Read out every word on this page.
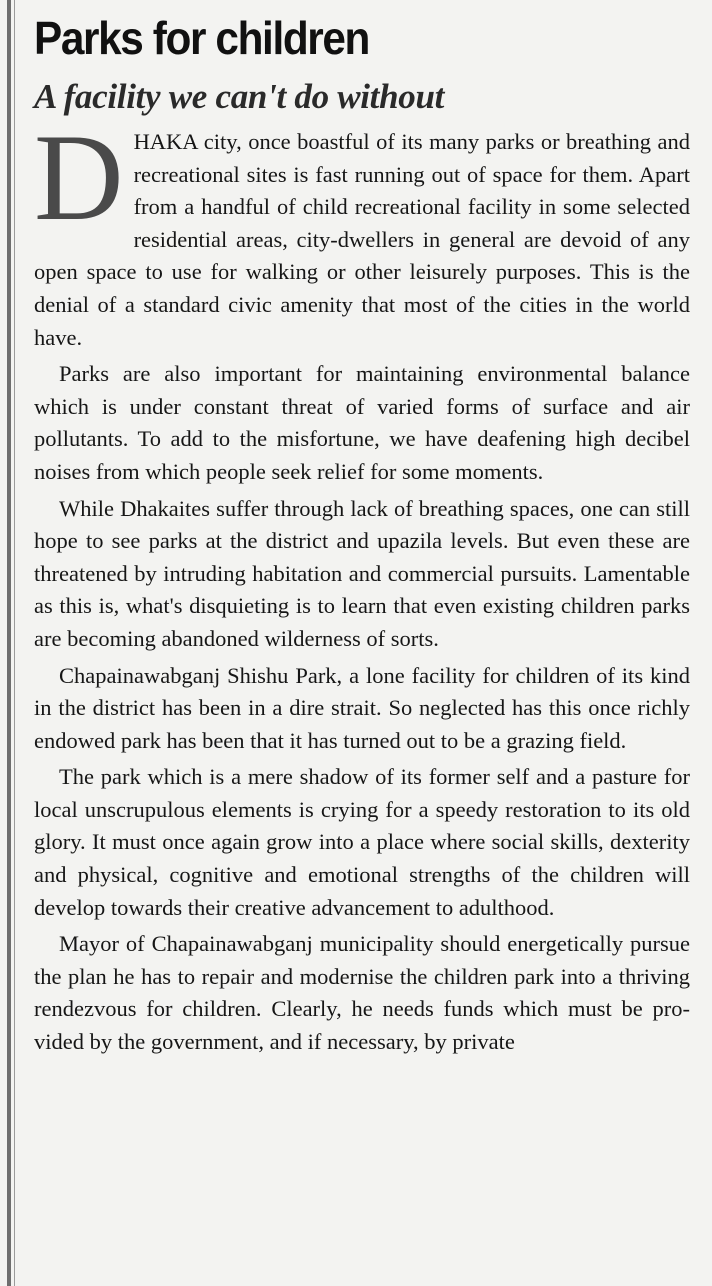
Parks for children
A facility we can't do without

DHAKA city, once boastful of its many parks or breathing and recreational sites is fast running out of space for them. Apart from a handful of child recreational facility in some selected residential areas, city-dwellers in general are devoid of any open space to use for walking or other leisurely purposes. This is the denial of a standard civic amenity that most of the cities in the world have.

Parks are also important for maintaining environmental balance which is under constant threat of varied forms of surface and air pollutants. To add to the misfortune, we have deafening high decibel noises from which people seek relief for some moments.

While Dhakaites suffer through lack of breathing spaces, one can still hope to see parks at the district and upazila levels. But even these are threatened by intruding habitation and commercial pursuits. Lamentable as this is, what's disquieting is to learn that even existing children parks are becoming abandoned wilderness of sorts.

Chapainawabganj Shishu Park, a lone facility for children of its kind in the district has been in a dire strait. So neglected has this once richly endowed park has been that it has turned out to be a grazing field.

The park which is a mere shadow of its former self and a pasture for local unscrupulous elements is crying for a speedy restoration to its old glory. It must once again grow into a place where social skills, dexterity and physical, cognitive and emotional strengths of the children will develop towards their creative advancement to adulthood.

Mayor of Chapainawabganj municipality should energetically pursue the plan he has to repair and modernise the children park into a thriving rendezvous for children. Clearly, he needs funds which must be provided by the government, and if necessary, by private
